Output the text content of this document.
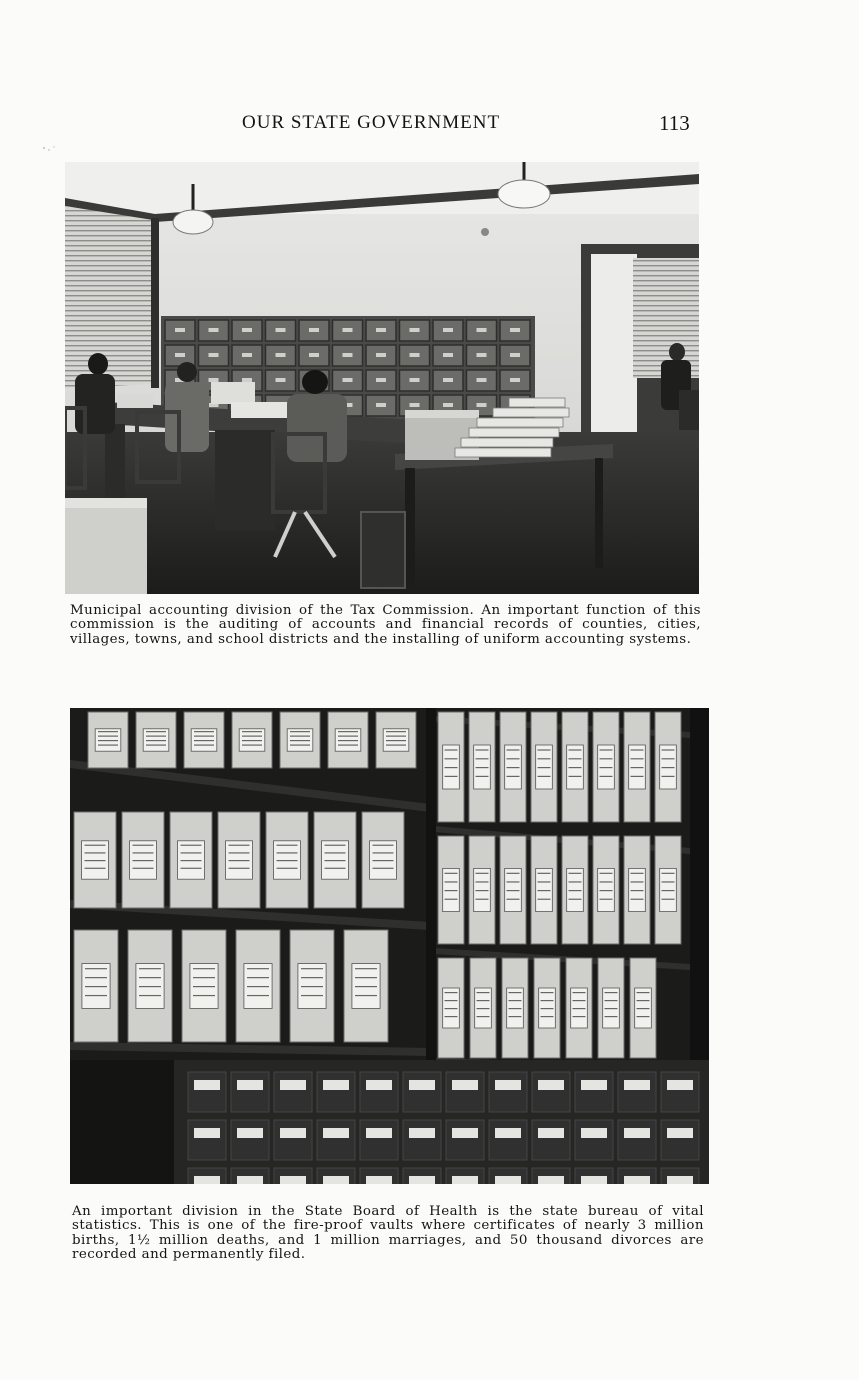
OUR STATE GOVERNMENT	113

Municipal accounting division of the Tax Commission. An important function of this commission is the auditing of accounts and financial records of counties, cities, villages, towns, and school districts and the installing of uniform accounting systems.

An important division in the State Board of Health is the state bureau of vital statistics. This is one of the fire-proof vaults where certificates of nearly 3 million births, 1½ million deaths, and 1 million marriages, and 50 thousand divorces are recorded and permanently filed.
